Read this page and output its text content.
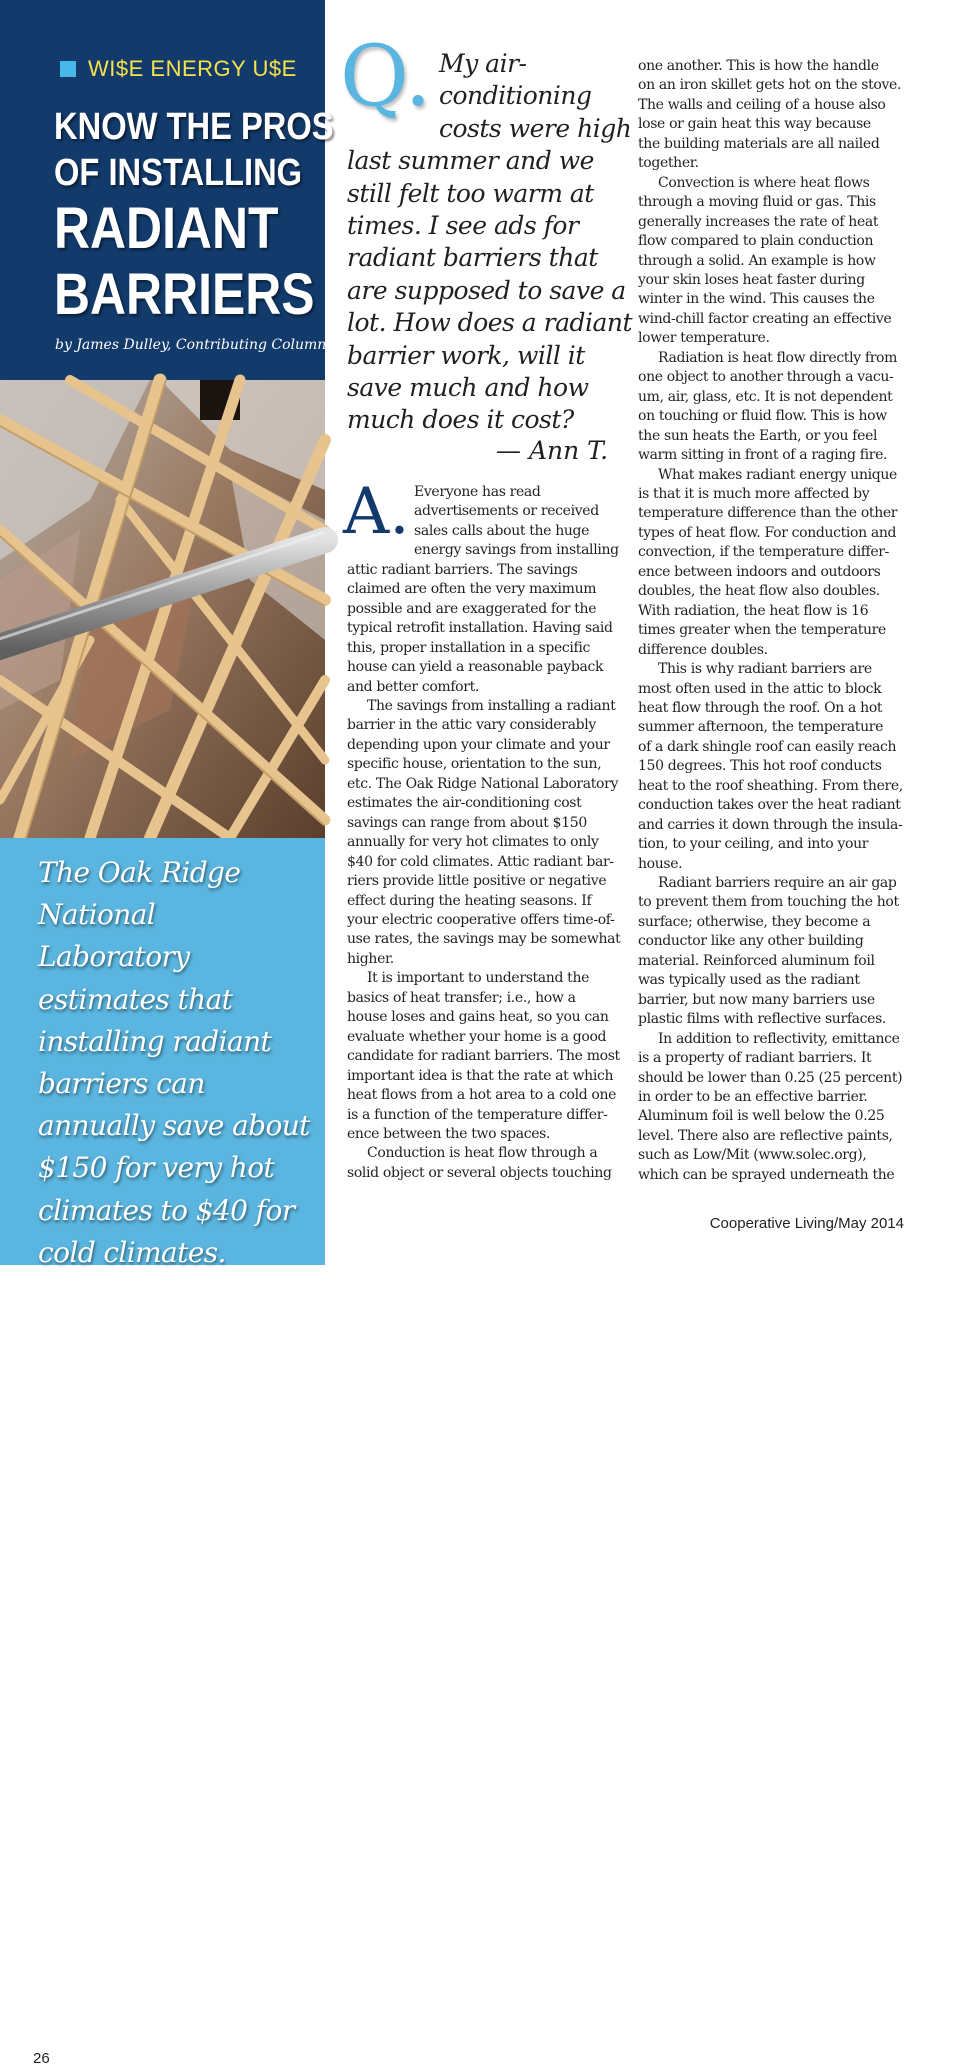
WI$E ENERGY U$E
KNOW THE PROS
OF INSTALLING
RADIANT
BARRIERS
by James Dulley, Contributing Columnist

The Oak Ridge National Laboratory estimates that installing radiant barriers can annually save about $150 for very hot climates to $40 for cold climates.

26
Q. My air-
conditioning
costs were high
last summer and we
still felt too warm at
times. I see ads for
radiant barriers that
are supposed to save a
lot. How does a radiant
barrier work, will it
save much and how
much does it cost?
— Ann T.
A. Everyone has read
advertisements or received
sales calls about the huge
energy savings from installing
attic radiant barriers. The savings
claimed are often the very maximum
possible and are exaggerated for the
typical retrofit installation. Having said
this, proper installation in a specific
house can yield a reasonable payback
and better comfort.
The savings from installing a radiant
barrier in the attic vary considerably
depending upon your climate and your
specific house, orientation to the sun,
etc. The Oak Ridge National Laboratory
estimates the air-conditioning cost
savings can range from about $150
annually for very hot climates to only
$40 for cold climates. Attic radiant bar-
riers provide little positive or negative
effect during the heating seasons. If
your electric cooperative offers time-of-
use rates, the savings may be somewhat
higher.
It is important to understand the
basics of heat transfer; i.e., how a
house loses and gains heat, so you can
evaluate whether your home is a good
candidate for radiant barriers. The most
important idea is that the rate at which
heat flows from a hot area to a cold one
is a function of the temperature differ-
ence between the two spaces.
Conduction is heat flow through a
solid object or several objects touching
one another. This is how the handle
on an iron skillet gets hot on the stove.
The walls and ceiling of a house also
lose or gain heat this way because
the building materials are all nailed
together.
Convection is where heat flows
through a moving fluid or gas. This
generally increases the rate of heat
flow compared to plain conduction
through a solid. An example is how
your skin loses heat faster during
winter in the wind. This causes the
wind-chill factor creating an effective
lower temperature.
Radiation is heat flow directly from
one object to another through a vacu-
um, air, glass, etc. It is not dependent
on touching or fluid flow. This is how
the sun heats the Earth, or you feel
warm sitting in front of a raging fire.
What makes radiant energy unique
is that it is much more affected by
temperature difference than the other
types of heat flow. For conduction and
convection, if the temperature differ-
ence between indoors and outdoors
doubles, the heat flow also doubles.
With radiation, the heat flow is 16
times greater when the temperature
difference doubles.
This is why radiant barriers are
most often used in the attic to block
heat flow through the roof. On a hot
summer afternoon, the temperature
of a dark shingle roof can easily reach
150 degrees. This hot roof conducts
heat to the roof sheathing. From there,
conduction takes over the heat radiant
and carries it down through the insula-
tion, to your ceiling, and into your
house.
Radiant barriers require an air gap
to prevent them from touching the hot
surface; otherwise, they become a
conductor like any other building
material. Reinforced aluminum foil
was typically used as the radiant
barrier, but now many barriers use
plastic films with reflective surfaces.
In addition to reflectivity, emittance
is a property of radiant barriers. It
should be lower than 0.25 (25 percent)
in order to be an effective barrier.
Aluminum foil is well below the 0.25
level. There also are reflective paints,
such as Low/Mit (www.solec.org),
which can be sprayed underneath the
Cooperative Living/May 2014
